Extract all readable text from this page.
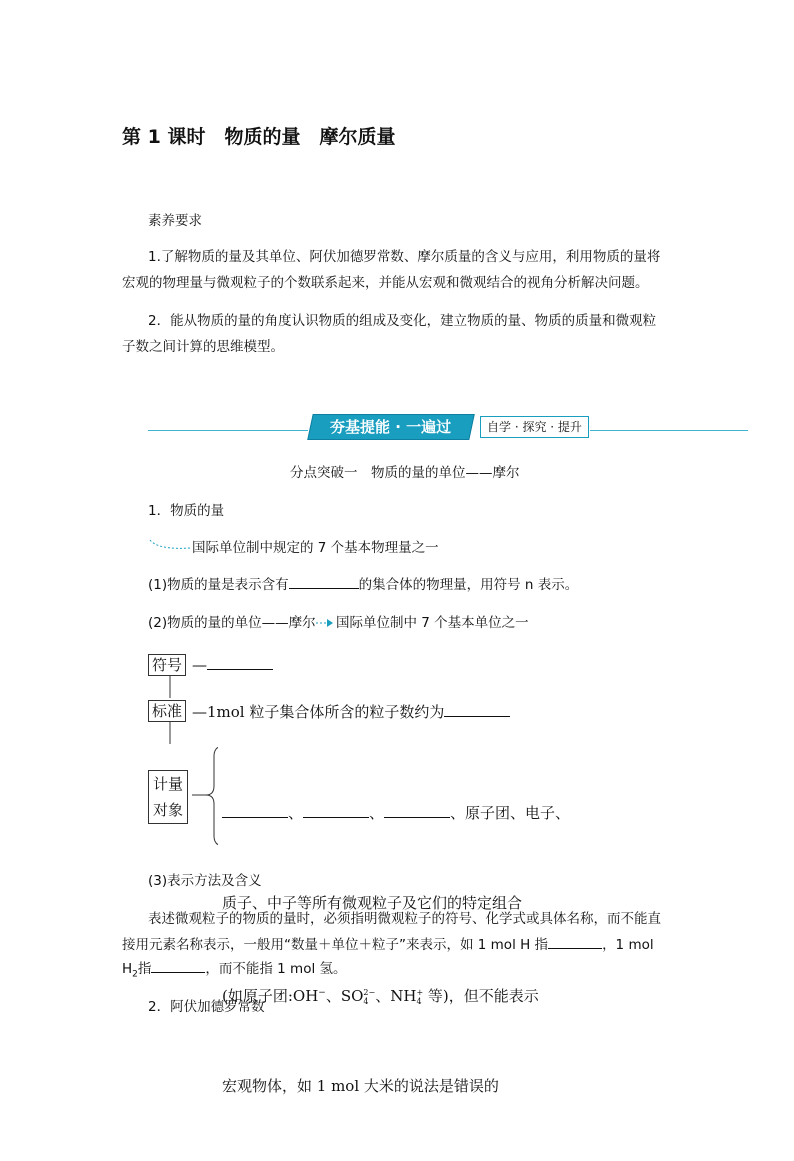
第 1 课时　物质的量　摩尔质量
素养要求
1.了解物质的量及其单位、阿伏加德罗常数、摩尔质量的含义与应用，利用物质的量将
宏观的物理量与微观粒子的个数联系起来，并能从宏观和微观结合的视角分析解决问题。
2．能从物质的量的角度认识物质的组成及变化，建立物质的量、物质的质量和微观粒
子数之间计算的思维模型。
夯基提能 · 一遍过	自学 · 探究 · 提升
分点突破一　物质的量的单位——摩尔
1．物质的量
国际单位制中规定的 7 个基本物理量之一
(1)物质的量是表示含有	的集合体的物理量，用符号 n 表示。
(2)物质的量的单位——摩尔 国际单位制中 7 个基本单位之一
符号 —
标准 —1mol 粒子集合体所含的粒子数约为
计量
对象

	、	、	、原子团、电子、

质子、中子等所有微观粒子及它们的特定组合

(如原子团:OH−、SO 2−
4 、NH +
4 等)，但不能表示

宏观物体，如 1 mol 大米的说法是错误的

(3)表示方法及含义
表述微观粒子的物质的量时，必须指明微观粒子的符号、化学式或具体名称，而不能直
接用元素名称表示，一般用“数量＋单位＋粒子”来表示，如 1 mol H 指	，1 mol
$H_2$指	，而不能指 1 mol 氢。
2．阿伏加德罗常数
